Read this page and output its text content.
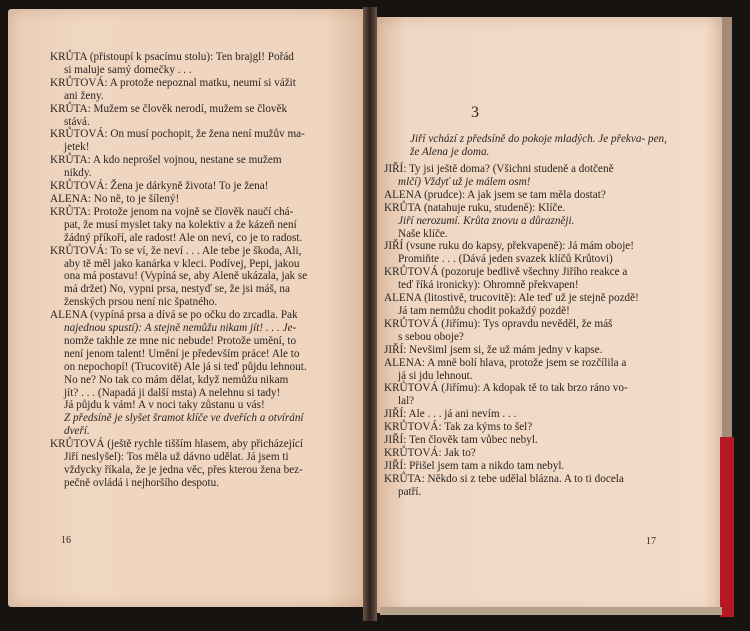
KRŮTA (přistoupí k psacímu stolu): Ten brajgl! Pořád
si maluje samý domečky . . .
KRŮTOVÁ: A protože nepoznal matku, neumí si vážit
ani ženy.
KRŮTA: Mužem se člověk nerodí, mužem se člověk
stává.
KRŮTOVÁ: On musí pochopit, že žena není mužův ma-
jetek!
KRŮTA: A kdo neprošel vojnou, nestane se mužem
nikdy.
KRŮTOVÁ: Žena je dárkyně života! To je žena!
ALENA: No ně, to je šílený!
KRŮTA: Protože jenom na vojně se člověk naučí chá-
pat, že musí myslet taky na kolektiv a že kázeň není
žádný příkoří, ale radost! Ale on neví, co je to radost.
KRŮTOVÁ: To se ví, že neví . . . Ale tebe je škoda, Ali,
aby tě měl jako kanárka v kleci. Podívej, Pepi, jakou
ona má postavu! (Vypíná se, aby Aleně ukázala, jak se
má držet) No, vypni prsa, nestyď se, že jsi máš, na
ženských prsou není nic špatného.
ALENA (vypíná prsa a dívá se po očku do zrcadla. Pak
najednou spustí): A stejně nemůžu nikam jít! . . . Je-
nomže takhle ze mne nic nebude! Protože umění, to
není jenom talent! Umění je především práce! Ale to
on nepochopí! (Trucovitě) Ale já si teď půjdu lehnout.
No ne? No tak co mám dělat, když nemůžu nikam
jít? . . . (Napadá ji další msta) A nelehnu si tady!
Já půjdu k vám! A v noci taky zůstanu u vás!
Z předsíně je slyšet šramot klíče ve dveřích a otvírání
dveří.
KRŮTOVÁ (ještě rychle tišším hlasem, aby přicházející
Jiří neslyšel): Tos měla už dávno udělat. Já jsem ti
vždycky říkala, že je jedna věc, přes kterou žena bez-
pečně ovládá i nejhoršího despotu.
16
3
Jiří vchází z předsíně do pokoje mladých. Je překva- pen, že Alena je doma.
JIŘÍ: Ty jsi ještě doma? (Všichni studeně a dotčeně
mlčí) Vždyť už je málem osm!
ALENA (prudce): A jak jsem se tam měla dostat?
KRŮTA (natahuje ruku, studeně): Klíče.
Jiří nerozumí. Krůta znovu a důrazněji.
Naše klíče.
JIŘÍ (vsune ruku do kapsy, překvapeně): Já mám oboje!
Promiňte . . . (Dává jeden svazek klíčů Krůtovi)
KRŮTOVÁ (pozoruje bedlivě všechny Jiřího reakce a
teď říká ironicky): Ohromně překvapen!
ALENA (litostivě, trucovitě): Ale teď už je stejně pozdě!
Já tam nemůžu chodit pokaždý pozdě!
KRŮTOVÁ (Jiřímu): Tys opravdu nevěděl, že máš
s sebou oboje?
JIŘÍ: Nevšiml jsem si, že už mám jedny v kapse.
ALENA: A mně bolí hlava, protože jsem se rozčílila a
já si jdu lehnout.
KRŮTOVÁ (Jiřímu): A kdopak tě to tak brzo ráno vo-
lal?
JIŘÍ: Ale . . . já ani nevím . . .
KRŮTOVÁ: Tak za kýms to šel?
JIŘÍ: Ten člověk tam vůbec nebyl.
KRŮTOVÁ: Jak to?
JIŘÍ: Přišel jsem tam a nikdo tam nebyl.
KRŮTA: Někdo si z tebe udělal blázna. A to ti docela
patří.
17
